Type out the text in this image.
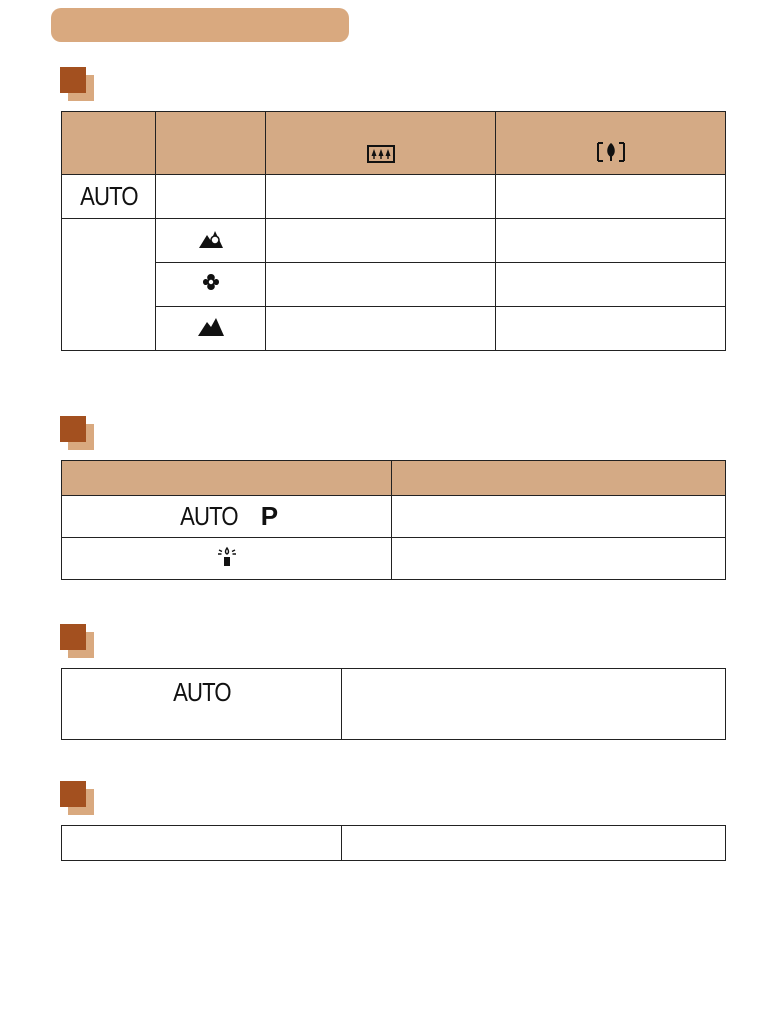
AUTO			

AUTO P	

AUTO	
